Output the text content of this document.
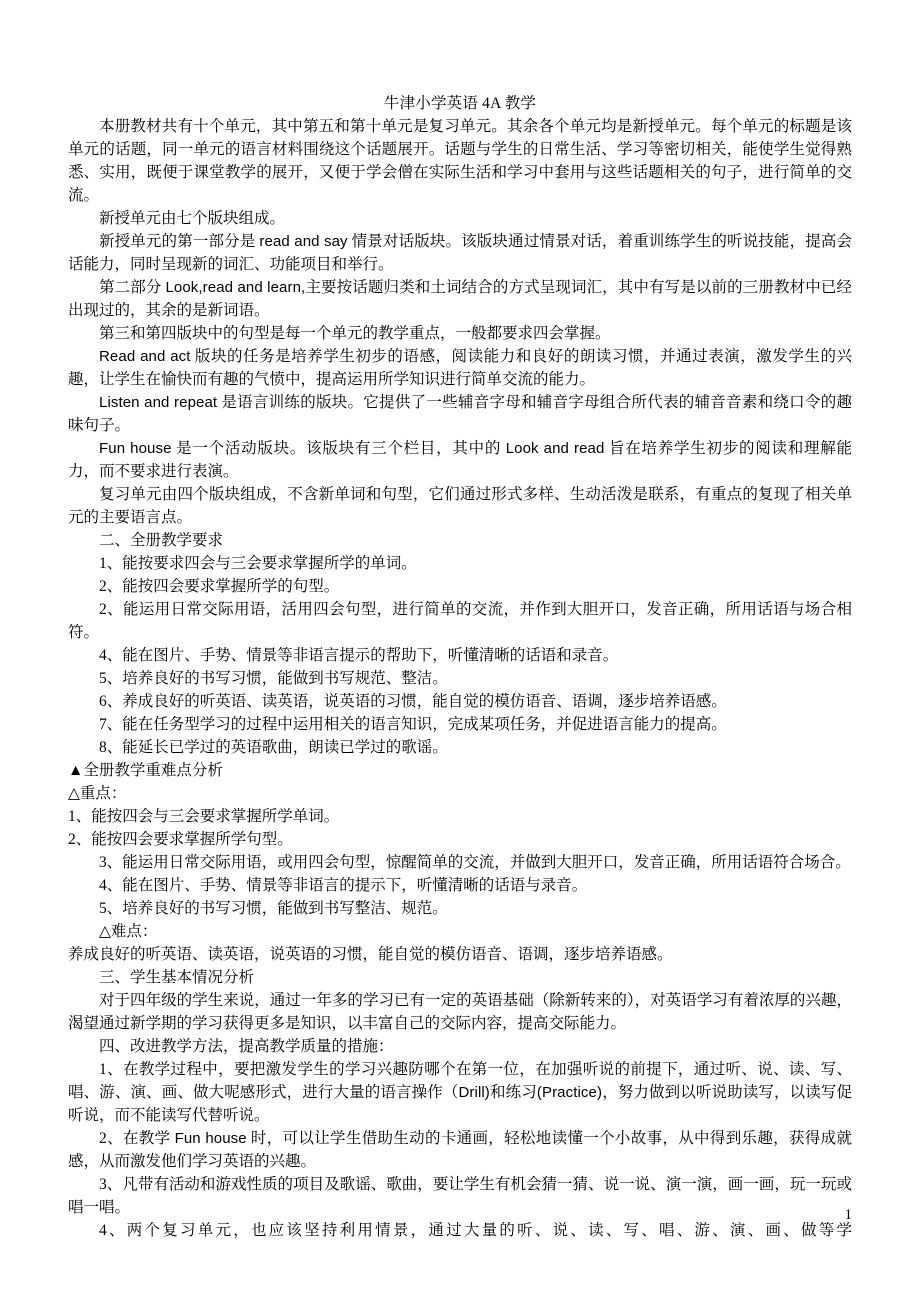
牛津小学英语 4A 教学

本册教材共有十个单元，其中第五和第十单元是复习单元。其余各个单元均是新授单元。每个单元的标题是该单元的话题，同一单元的语言材料围绕这个话题展开。话题与学生的日常生活、学习等密切相关，能使学生觉得熟悉、实用，既便于课堂教学的展开，又便于学会僧在实际生活和学习中套用与这些话题相关的句子，进行简单的交流。

新授单元由七个版块组成。

新授单元的第一部分是 read and say 情景对话版块。该版块通过情景对话，着重训练学生的听说技能，提高会话能力，同时呈现新的词汇、功能项目和举行。

第二部分 Look,read and learn,主要按话题归类和土词结合的方式呈现词汇，其中有写是以前的三册教材中已经出现过的，其余的是新词语。

第三和第四版块中的句型是每一个单元的教学重点，一般都要求四会掌握。

Read and act 版块的任务是培养学生初步的语感，阅读能力和良好的朗读习惯，并通过表演，激发学生的兴趣，让学生在愉快而有趣的气愤中，提高运用所学知识进行简单交流的能力。

Listen and repeat 是语言训练的版块。它提供了一些辅音字母和辅音字母组合所代表的辅音音素和绕口令的趣味句子。

Fun house 是一个活动版块。该版块有三个栏目，其中的 Look and read 旨在培养学生初步的阅读和理解能力，而不要求进行表演。

复习单元由四个版块组成，不含新单词和句型，它们通过形式多样、生动活泼是联系，有重点的复现了相关单元的主要语言点。

二、全册教学要求

1、能按要求四会与三会要求掌握所学的单词。

2、能按四会要求掌握所学的句型。

2、能运用日常交际用语，活用四会句型，进行简单的交流，并作到大胆开口，发音正确，所用话语与场合相符。

4、能在图片、手势、情景等非语言提示的帮助下，听懂清晰的话语和录音。

5、培养良好的书写习惯，能做到书写规范、整洁。

6、养成良好的听英语、读英语，说英语的习惯，能自觉的模仿语音、语调，逐步培养语感。

7、能在任务型学习的过程中运用相关的语言知识，完成某项任务，并促进语言能力的提高。

8、能延长已学过的英语歌曲，朗读已学过的歌谣。

▲全册教学重难点分析

△重点：

1、能按四会与三会要求掌握所学单词。

2、能按四会要求掌握所学句型。

3、能运用日常交际用语，或用四会句型，惊醒简单的交流，并做到大胆开口，发音正确，所用话语符合场合。

4、能在图片、手势、情景等非语言的提示下，听懂清晰的话语与录音。

5、培养良好的书写习惯，能做到书写整洁、规范。

△难点：

养成良好的听英语、读英语，说英语的习惯，能自觉的模仿语音、语调，逐步培养语感。

三、学生基本情况分析

对于四年级的学生来说，通过一年多的学习已有一定的英语基础（除新转来的），对英语学习有着浓厚的兴趣，渴望通过新学期的学习获得更多是知识，以丰富自己的交际内容，提高交际能力。

四、改进教学方法，提高教学质量的措施：

1、在教学过程中，要把激发学生的学习兴趣防哪个在第一位，在加强听说的前提下，通过听、说、读、写、唱、游、演、画、做大呢感形式，进行大量的语言操作（Drill)和练习(Practice)，努力做到以听说助读写，以读写促听说，而不能读写代替听说。

2、在教学 Fun house 时，可以让学生借助生动的卡通画，轻松地读懂一个小故事，从中得到乐趣，获得成就感，从而激发他们学习英语的兴趣。

3、凡带有活动和游戏性质的项目及歌谣、歌曲，要让学生有机会猜一猜、说一说、演一演，画一画，玩一玩或唱一唱。

4、两个复习单元，也应该坚持利用情景，通过大量的听、说、读、写、唱、游、演、画、做等学

1
